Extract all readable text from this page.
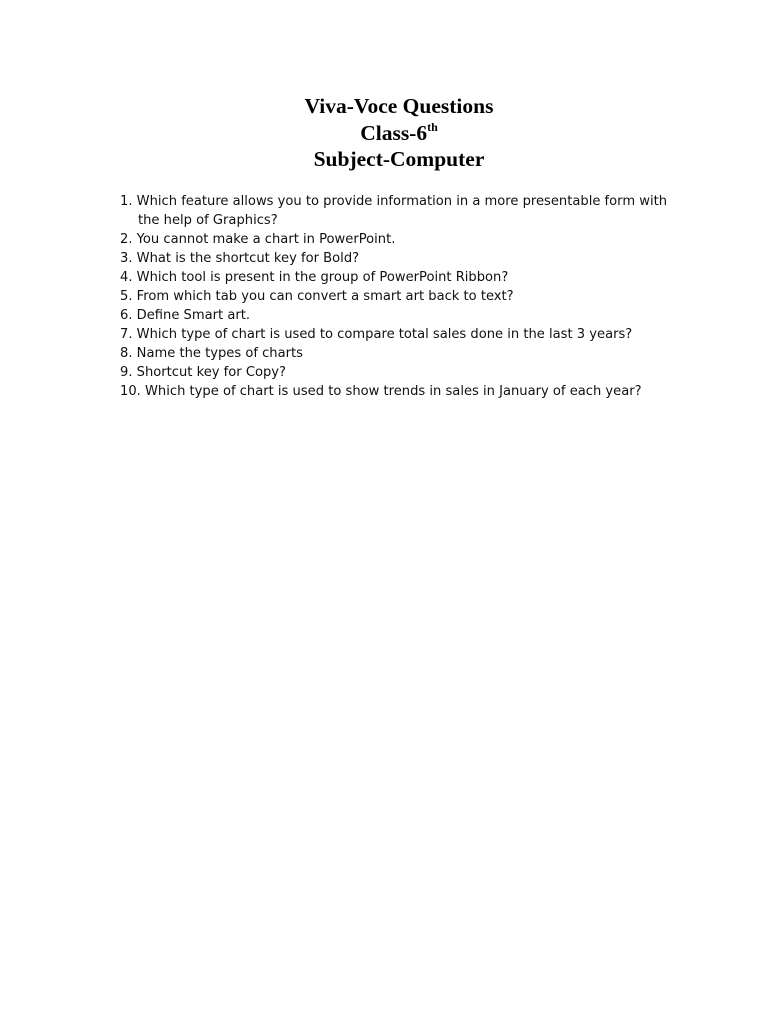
Viva-Voce Questions
Class-6th
Subject-Computer
1. Which feature allows you to provide information in a more presentable form with the help of Graphics?
2. You cannot make a chart in PowerPoint.
3. What is the shortcut key for Bold?
4. Which tool is present in the group of PowerPoint Ribbon?
5. From which tab you can convert a smart art back to text?
6. Define Smart art.
7. Which type of chart is used to compare total sales done in the last 3 years?
8. Name the types of charts
9. Shortcut key for Copy?
10. Which type of chart is used to show trends in sales in January of each year?
